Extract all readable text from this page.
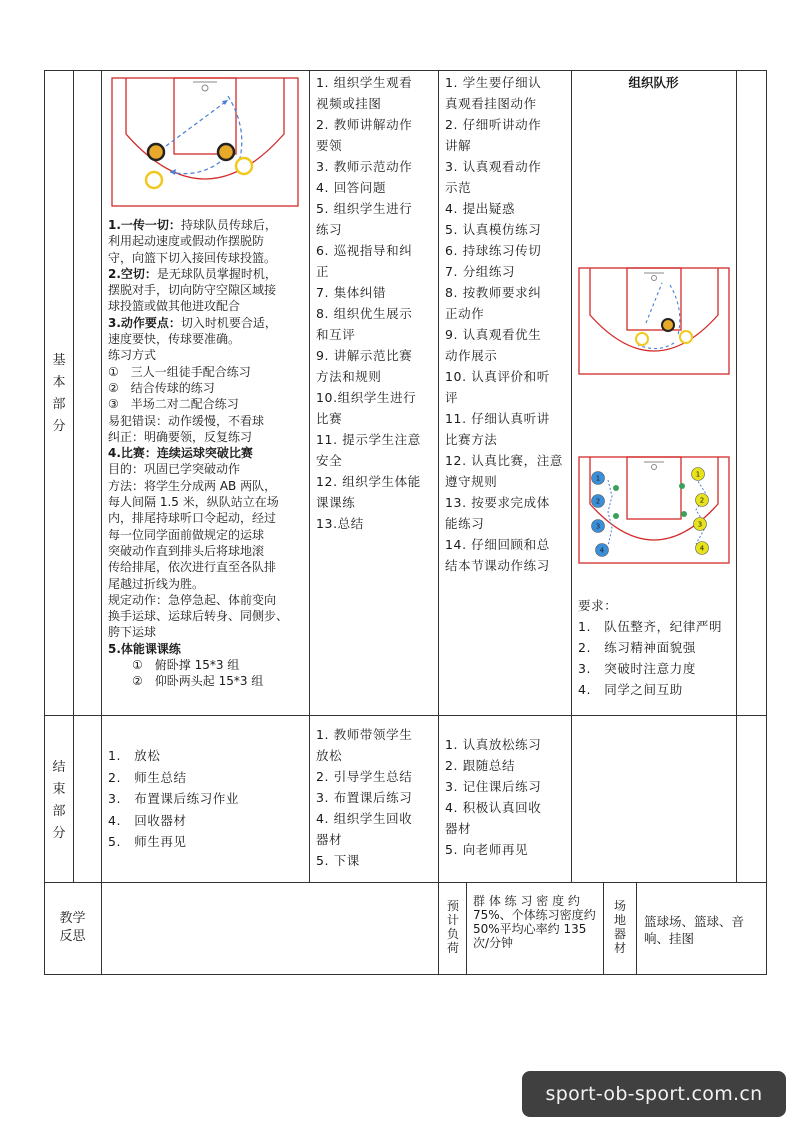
基
本
部
分
结
束
部
分
1.一传一切：持球队员传球后，
利用起动速度或假动作摆脱防
守，向篮下切入接回传球投篮。
2.空切：是无球队员掌握时机，
摆脱对手，切向防守空隙区域接
球投篮或做其他进攻配合
3.动作要点：切入时机要合适，
速度要快，传球要准确。
练习方式
①　三人一组徒手配合练习
②　结合传球的练习
③　半场二对二配合练习
易犯错误：动作缓慢，不看球
纠正：明确要领，反复练习
4.比赛：连续运球突破比赛
目的：巩固已学突破动作
方法：将学生分成两 AB 两队，
每人间隔 1.5 米，纵队站立在场
内，排尾持球听口令起动，经过
每一位同学面前做规定的运球
突破动作直到排头后将球地滚
传给排尾，依次进行直至各队排
尾越过折线为胜。
规定动作：急停急起、体前变向
换手运球、运球后转身、同侧步、
胯下运球
5.体能课课练
　　①　俯卧撑 15*3 组
　　②　仰卧两头起 15*3 组
1. 组织学生观看
视频或挂图
2. 教师讲解动作
要领
3. 教师示范动作
4. 回答问题
5. 组织学生进行
练习
6. 巡视指导和纠
正
7. 集体纠错
8. 组织优生展示
和互评
9. 讲解示范比赛
方法和规则
10.组织学生进行
比赛
11. 提示学生注意
安全
12. 组织学生体能
课课练
13.总结
1. 学生要仔细认
真观看挂图动作
2. 仔细听讲动作
讲解
3. 认真观看动作
示范
4. 提出疑惑
5. 认真模仿练习
6. 持球练习传切
7. 分组练习
8. 按教师要求纠
正动作
9. 认真观看优生
动作展示
10. 认真评价和听
评
11. 仔细认真听讲
比赛方法
12. 认真比赛，注意
遵守规则
13. 按要求完成体
能练习
14. 仔细回顾和总
结本节课动作练习
组织队形
1
2
3
4
1
2
3
4
要求：
1.　队伍整齐，纪律严明
2.　练习精神面貌强
3.　突破时注意力度
4.　同学之间互助
1.　放松
2.　师生总结
3.　布置课后练习作业
4.　回收器材
5.　师生再见
1. 教师带领学生
放松
2. 引导学生总结
3. 布置课后练习
4. 组织学生回收
器材
5. 下课
1. 认真放松练习
2. 跟随总结
3. 记住课后练习
4. 积极认真回收
器材
5. 向老师再见
教学
反思
预
计
负
荷
群 体 练 习 密 度 约75%、个体练习密度约 50%平均心率约 135 次/分钟
场
地
器
材
篮球场、篮球、音
响、挂图
sport-ob-sport.com.cn
